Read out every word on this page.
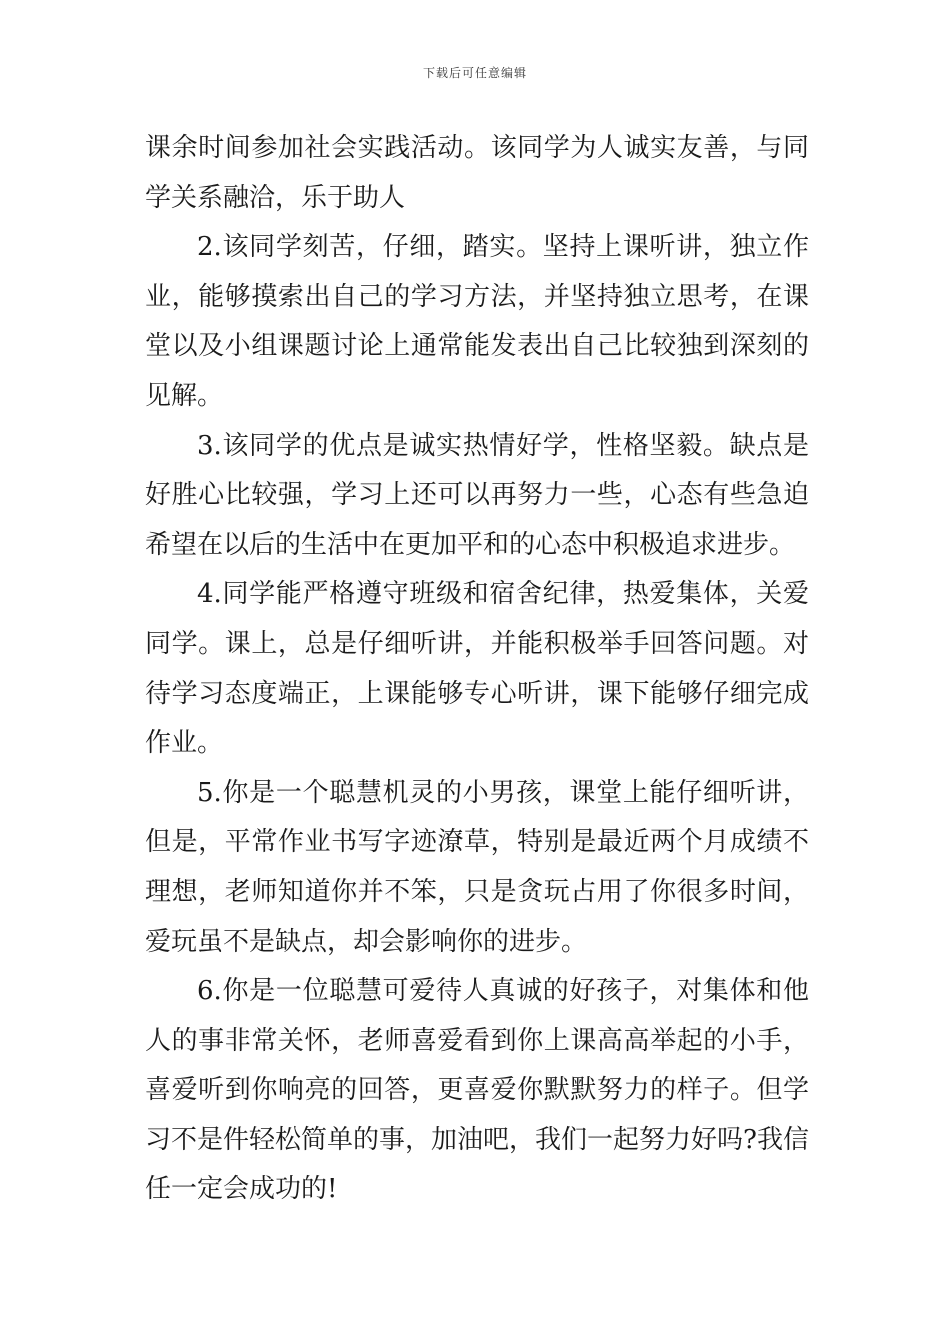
下载后可任意编辑

课余时间参加社会实践活动。该同学为人诚实友善，与同学关系融洽，乐于助人

2.该同学刻苦，仔细，踏实。坚持上课听讲，独立作业，能够摸索出自己的学习方法，并坚持独立思考，在课堂以及小组课题讨论上通常能发表出自己比较独到深刻的见解。

3.该同学的优点是诚实热情好学，性格坚毅。缺点是好胜心比较强，学习上还可以再努力一些，心态有些急迫希望在以后的生活中在更加平和的心态中积极追求进步。

4.同学能严格遵守班级和宿舍纪律，热爱集体，关爱同学。课上，总是仔细听讲，并能积极举手回答问题。对待学习态度端正，上课能够专心听讲，课下能够仔细完成作业。

5.你是一个聪慧机灵的小男孩，课堂上能仔细听讲，但是，平常作业书写字迹潦草，特别是最近两个月成绩不理想，老师知道你并不笨，只是贪玩占用了你很多时间，爱玩虽不是缺点，却会影响你的进步。

6.你是一位聪慧可爱待人真诚的好孩子，对集体和他人的事非常关怀，老师喜爱看到你上课高高举起的小手，喜爱听到你响亮的回答，更喜爱你默默努力的样子。但学习不是件轻松简单的事，加油吧，我们一起努力好吗?我信任一定会成功的!
